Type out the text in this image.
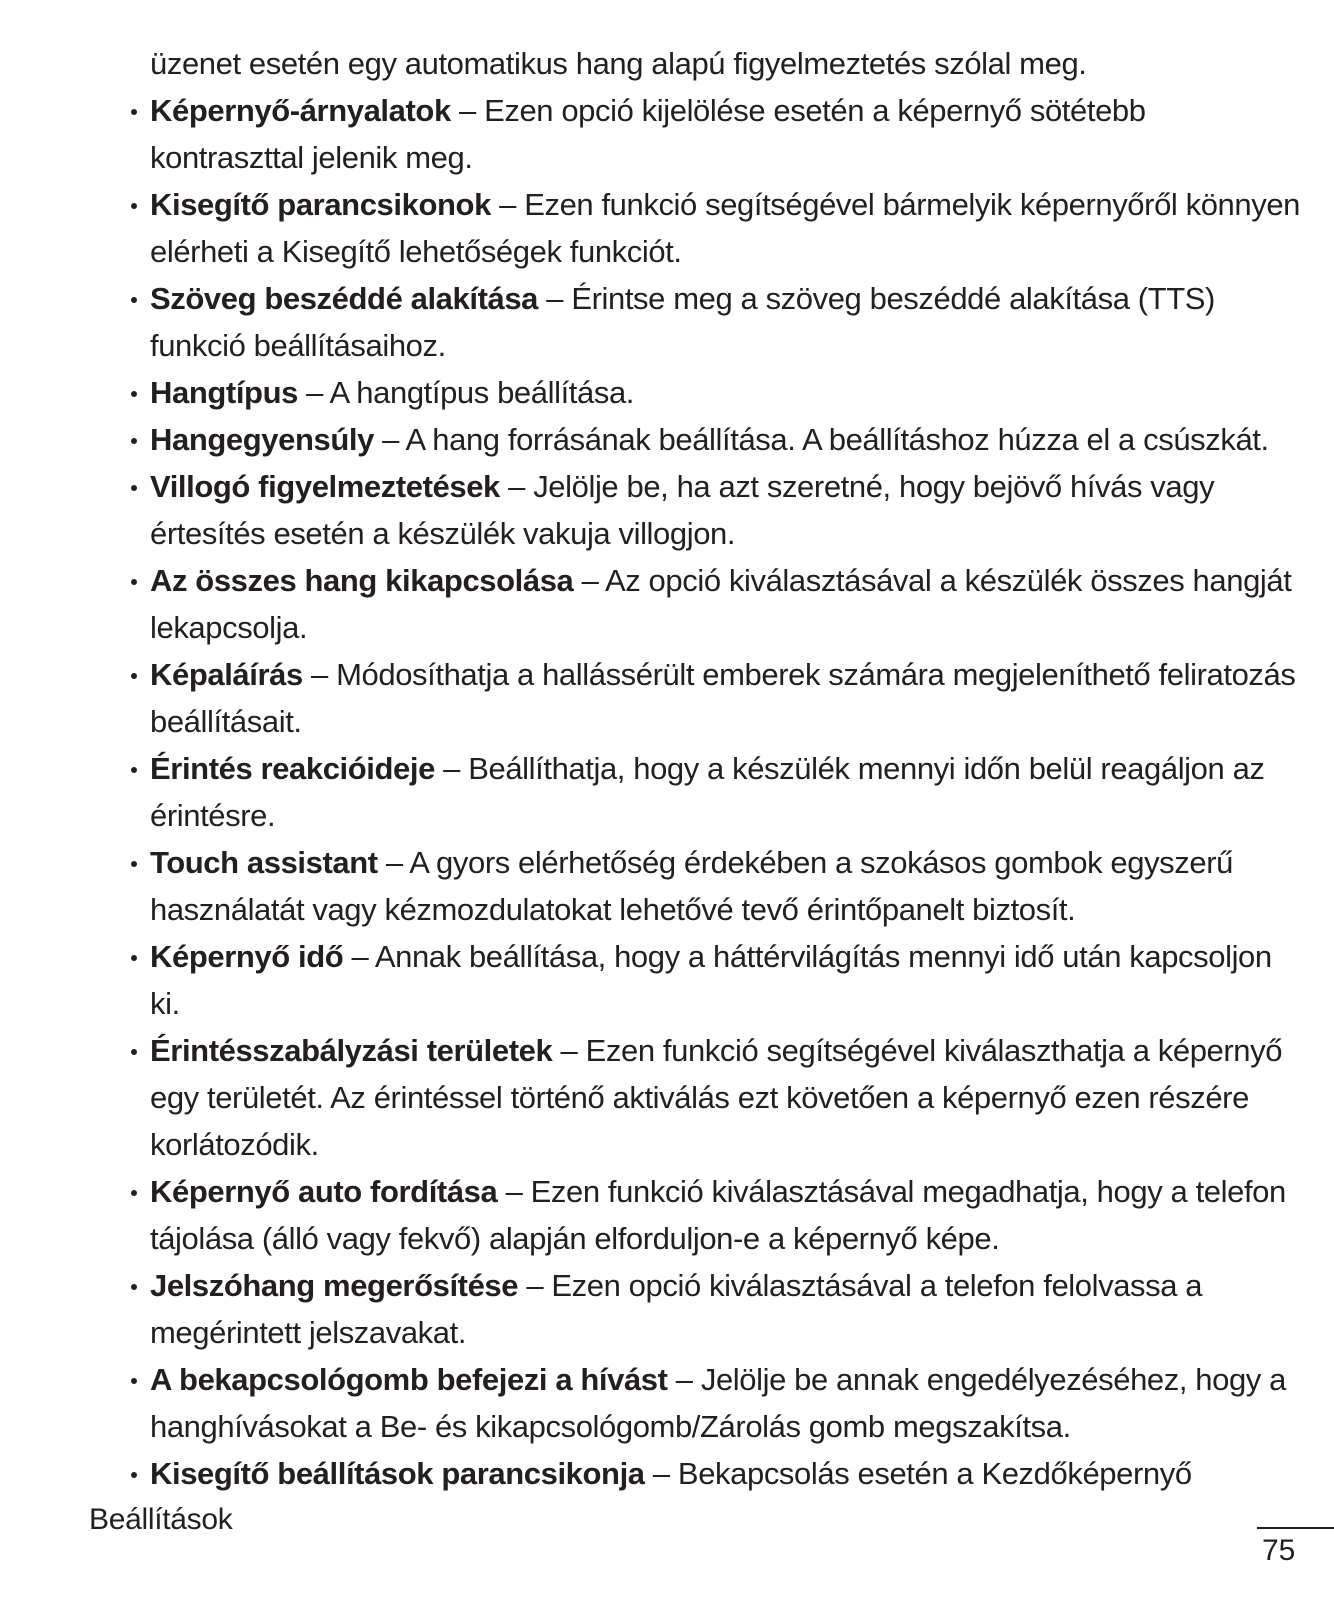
üzenet esetén egy automatikus hang alapú figyelmeztetés szólal meg.

Képernyő-árnyalatok – Ezen opció kijelölése esetén a képernyő sötétebb kontraszttal jelenik meg.
Kisegítő parancsikonok – Ezen funkció segítségével bármelyik képernyőről könnyen elérheti a Kisegítő lehetőségek funkciót.
Szöveg beszéddé alakítása – Érintse meg a szöveg beszéddé alakítása (TTS) funkció beállításaihoz.
Hangtípus – A hangtípus beállítása.
Hangegyensúly – A hang forrásának beállítása. A beállításhoz húzza el a csúszkát.
Villogó figyelmeztetések – Jelölje be, ha azt szeretné, hogy bejövő hívás vagy értesítés esetén a készülék vakuja villogjon.
Az összes hang kikapcsolása – Az opció kiválasztásával a készülék összes hangját lekapcsolja.
Képaláírás – Módosíthatja a hallássérült emberek számára megjeleníthető feliratozás beállításait.
Érintés reakcióideje – Beállíthatja, hogy a készülék mennyi időn belül reagáljon az érintésre.
Touch assistant – A gyors elérhetőség érdekében a szokásos gombok egyszerű használatát vagy kézmozdulatokat lehetővé tevő érintőpanelt biztosít.
Képernyő idő – Annak beállítása, hogy a háttérvilágítás mennyi idő után kapcsoljon ki.
Érintésszabályzási területek – Ezen funkció segítségével kiválaszthatja a képernyő egy területét. Az érintéssel történő aktiválás ezt követően a képernyő ezen részére korlátozódik.
Képernyő auto fordítása – Ezen funkció kiválasztásával megadhatja, hogy a telefon tájolása (álló vagy fekvő) alapján elforduljon-e a képernyő képe.
Jelszóhang megerősítése – Ezen opció kiválasztásával a telefon felolvassa a megérintett jelszavakat.
A bekapcsológomb befejezi a hívást – Jelölje be annak engedélyezéséhez, hogy a hanghívásokat a Be- és kikapcsológomb/Zárolás gomb megszakítsa.
Kisegítő beállítások parancsikonja – Bekapcsolás esetén a Kezdőképernyő
Beállítások
75
